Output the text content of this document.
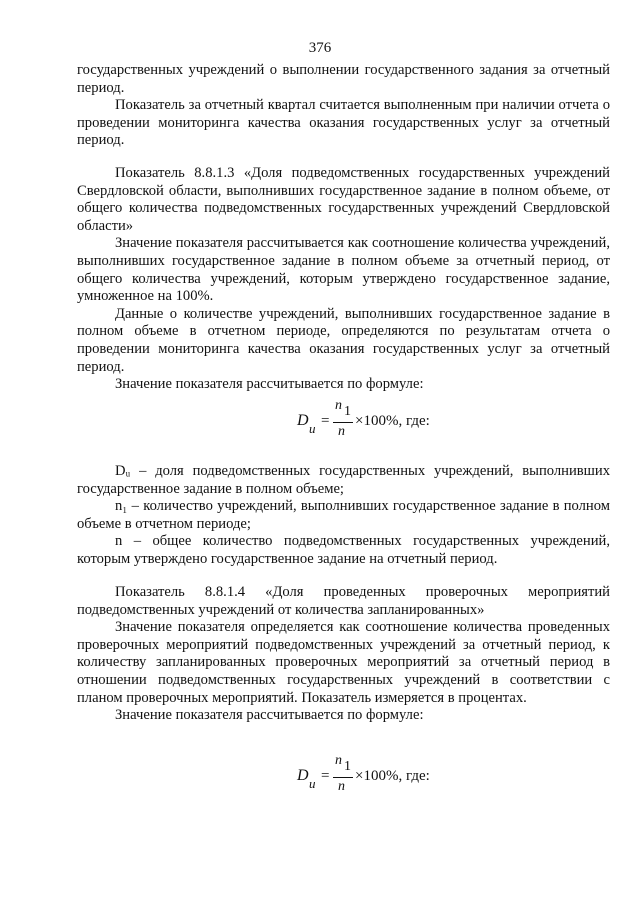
376

государственных учреждений о выполнении государственного задания за отчетный период.

Показатель за отчетный квартал считается выполненным при наличии отчета о проведении мониторинга качества оказания государственных услуг за отчетный период.

Показатель 8.8.1.3 «Доля подведомственных государственных учреждений Свердловской области, выполнивших государственное задание в полном объеме, от общего количества подведомственных государственных учреждений Свердловской области»

Значение показателя рассчитывается как соотношение количества учреждений, выполнивших государственное задание в полном объеме за отчетный период, от общего количества учреждений, которым утверждено государственное задание, умноженное на 100%.

Данные о количестве учреждений, выполнивших государственное задание в полном объеме в отчетном периоде, определяются по результатам отчета о проведении мониторинга качества оказания государственных услуг за отчетный период.

Значение показателя рассчитывается по формуле:

D u =
n 1
n
×100%, где:

Dᵤ – доля подведомственных государственных учреждений, выполнивших государственное задание в полном объеме;

n₁ – количество учреждений, выполнивших государственное задание в полном объеме в отчетном периоде;

n – общее количество подведомственных государственных учреждений, которым утверждено государственное задание на отчетный период.

Показатель 8.8.1.4 «Доля проведенных проверочных мероприятий подведомственных учреждений от количества запланированных»

Значение показателя определяется как соотношение количества проведенных проверочных мероприятий подведомственных учреждений за отчетный период, к количеству запланированных проверочных мероприятий за отчетный период в отношении подведомственных государственных учреждений в соответствии с планом проверочных мероприятий. Показатель измеряется в процентах.

Значение показателя рассчитывается по формуле:

D u =
n 1
n
×100%, где:
